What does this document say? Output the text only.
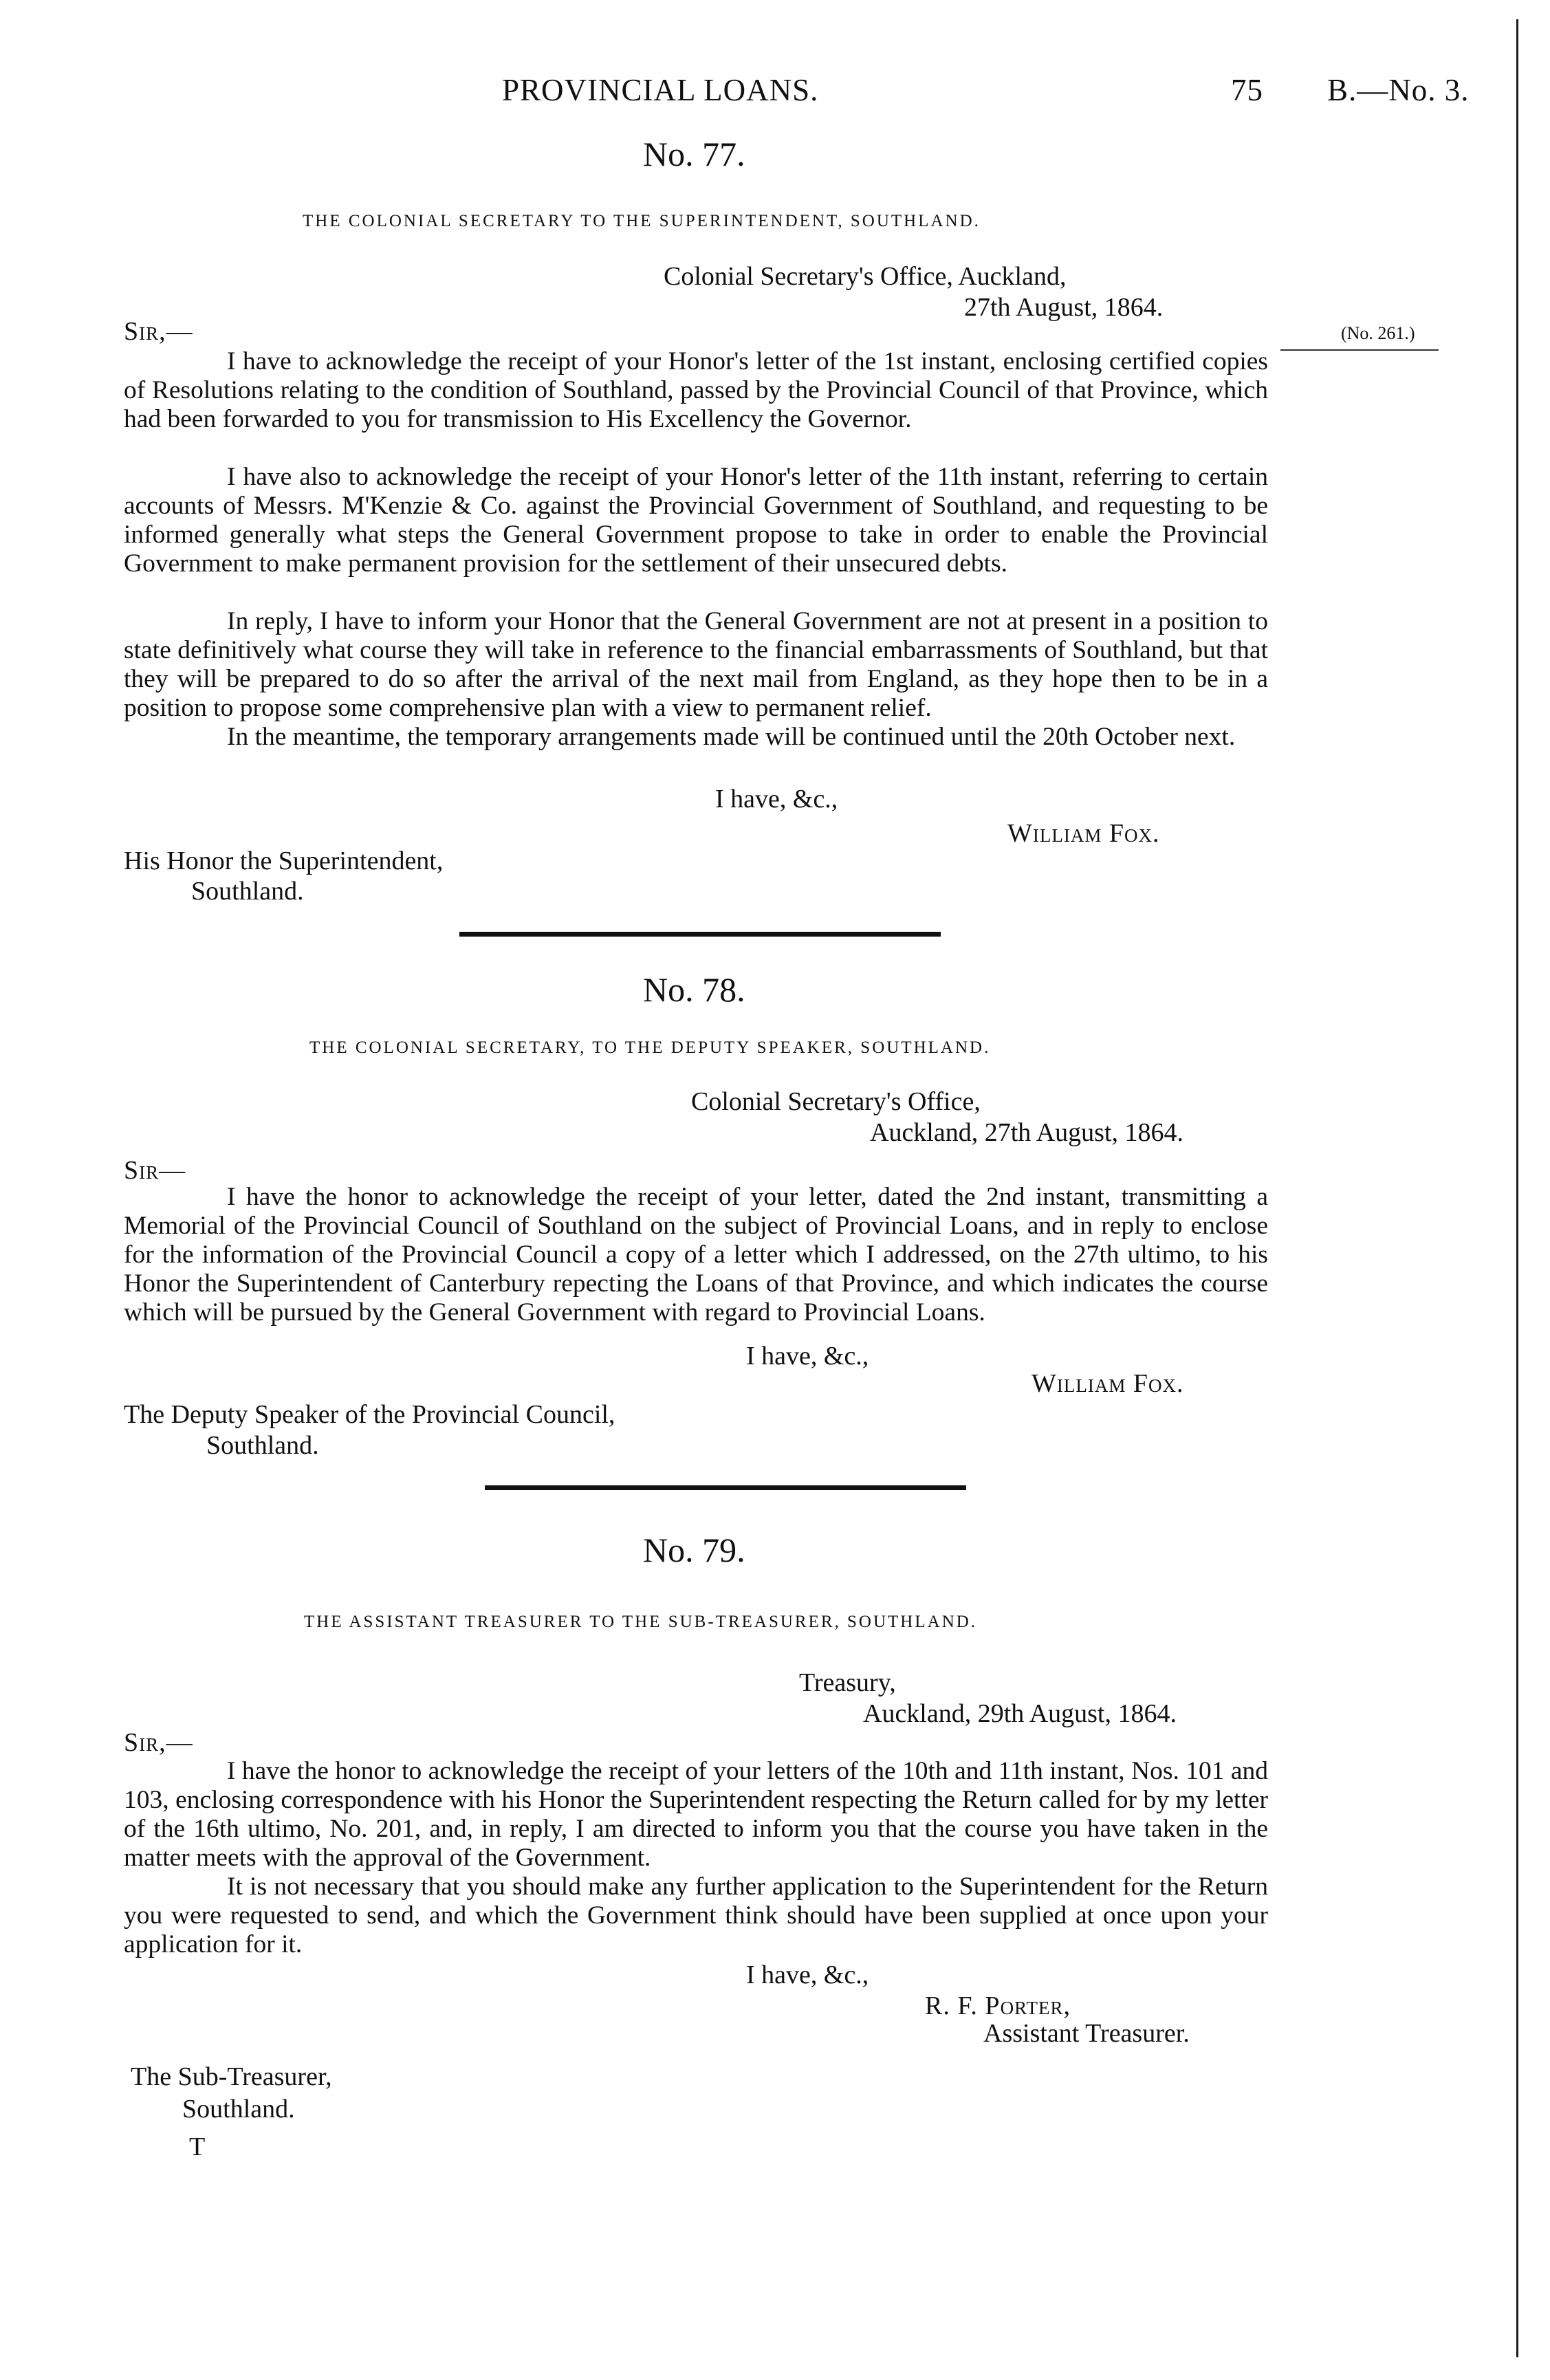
PROVINCIAL LOANS.	75 B.—No. 3.
No. 77.
THE COLONIAL SECRETARY TO THE SUPERINTENDENT, SOUTHLAND.
Colonial Secretary's Office, Auckland,
27th August, 1864.
(No. 261.)
Sir,—

I have to acknowledge the receipt of your Honor's letter of the 1st instant, enclosing certified copies of Resolutions relating to the condition of Southland, passed by the Provincial Council of that Province, which had been forwarded to you for transmission to His Excellency the Governor.

I have also to acknowledge the receipt of your Honor's letter of the 11th instant, referring to certain accounts of Messrs. M'Kenzie & Co. against the Provincial Government of Southland, and requesting to be informed generally what steps the General Government propose to take in order to enable the Provincial Government to make permanent provision for the settlement of their unsecured debts.

In reply, I have to inform your Honor that the General Government are not at present in a position to state definitively what course they will take in reference to the financial embarrassments of Southland, but that they will be prepared to do so after the arrival of the next mail from England, as they hope then to be in a position to propose some comprehensive plan with a view to permanent relief.

In the meantime, the temporary arrangements made will be continued until the 20th October next.

I have, &c.,
William Fox.
His Honor the Superintendent,
Southland.
No. 78.
THE COLONIAL SECRETARY, TO THE DEPUTY SPEAKER, SOUTHLAND.
Colonial Secretary's Office,
Auckland, 27th August, 1864.
Sir—

I have the honor to acknowledge the receipt of your letter, dated the 2nd instant, transmitting a Memorial of the Provincial Council of Southland on the subject of Provincial Loans, and in reply to enclose for the information of the Provincial Council a copy of a letter which I addressed, on the 27th ultimo, to his Honor the Superintendent of Canterbury repecting the Loans of that Province, and which indicates the course which will be pursued by the General Government with regard to Provincial Loans.

I have, &c.,
William Fox.
The Deputy Speaker of the Provincial Council,
Southland.
No. 79.
THE ASSISTANT TREASURER TO THE SUB-TREASURER, SOUTHLAND.
Treasury,
Auckland, 29th August, 1864.
Sir,—

I have the honor to acknowledge the receipt of your letters of the 10th and 11th instant, Nos. 101 and 103, enclosing correspondence with his Honor the Superintendent respecting the Return called for by my letter of the 16th ultimo, No. 201, and, in reply, I am directed to inform you that the course you have taken in the matter meets with the approval of the Government.

It is not necessary that you should make any further application to the Superintendent for the Return you were requested to send, and which the Government think should have been supplied at once upon your application for it.

I have, &c.,
R. F. Porter,
Assistant Treasurer.
The Sub-Treasurer,
Southland.
T
